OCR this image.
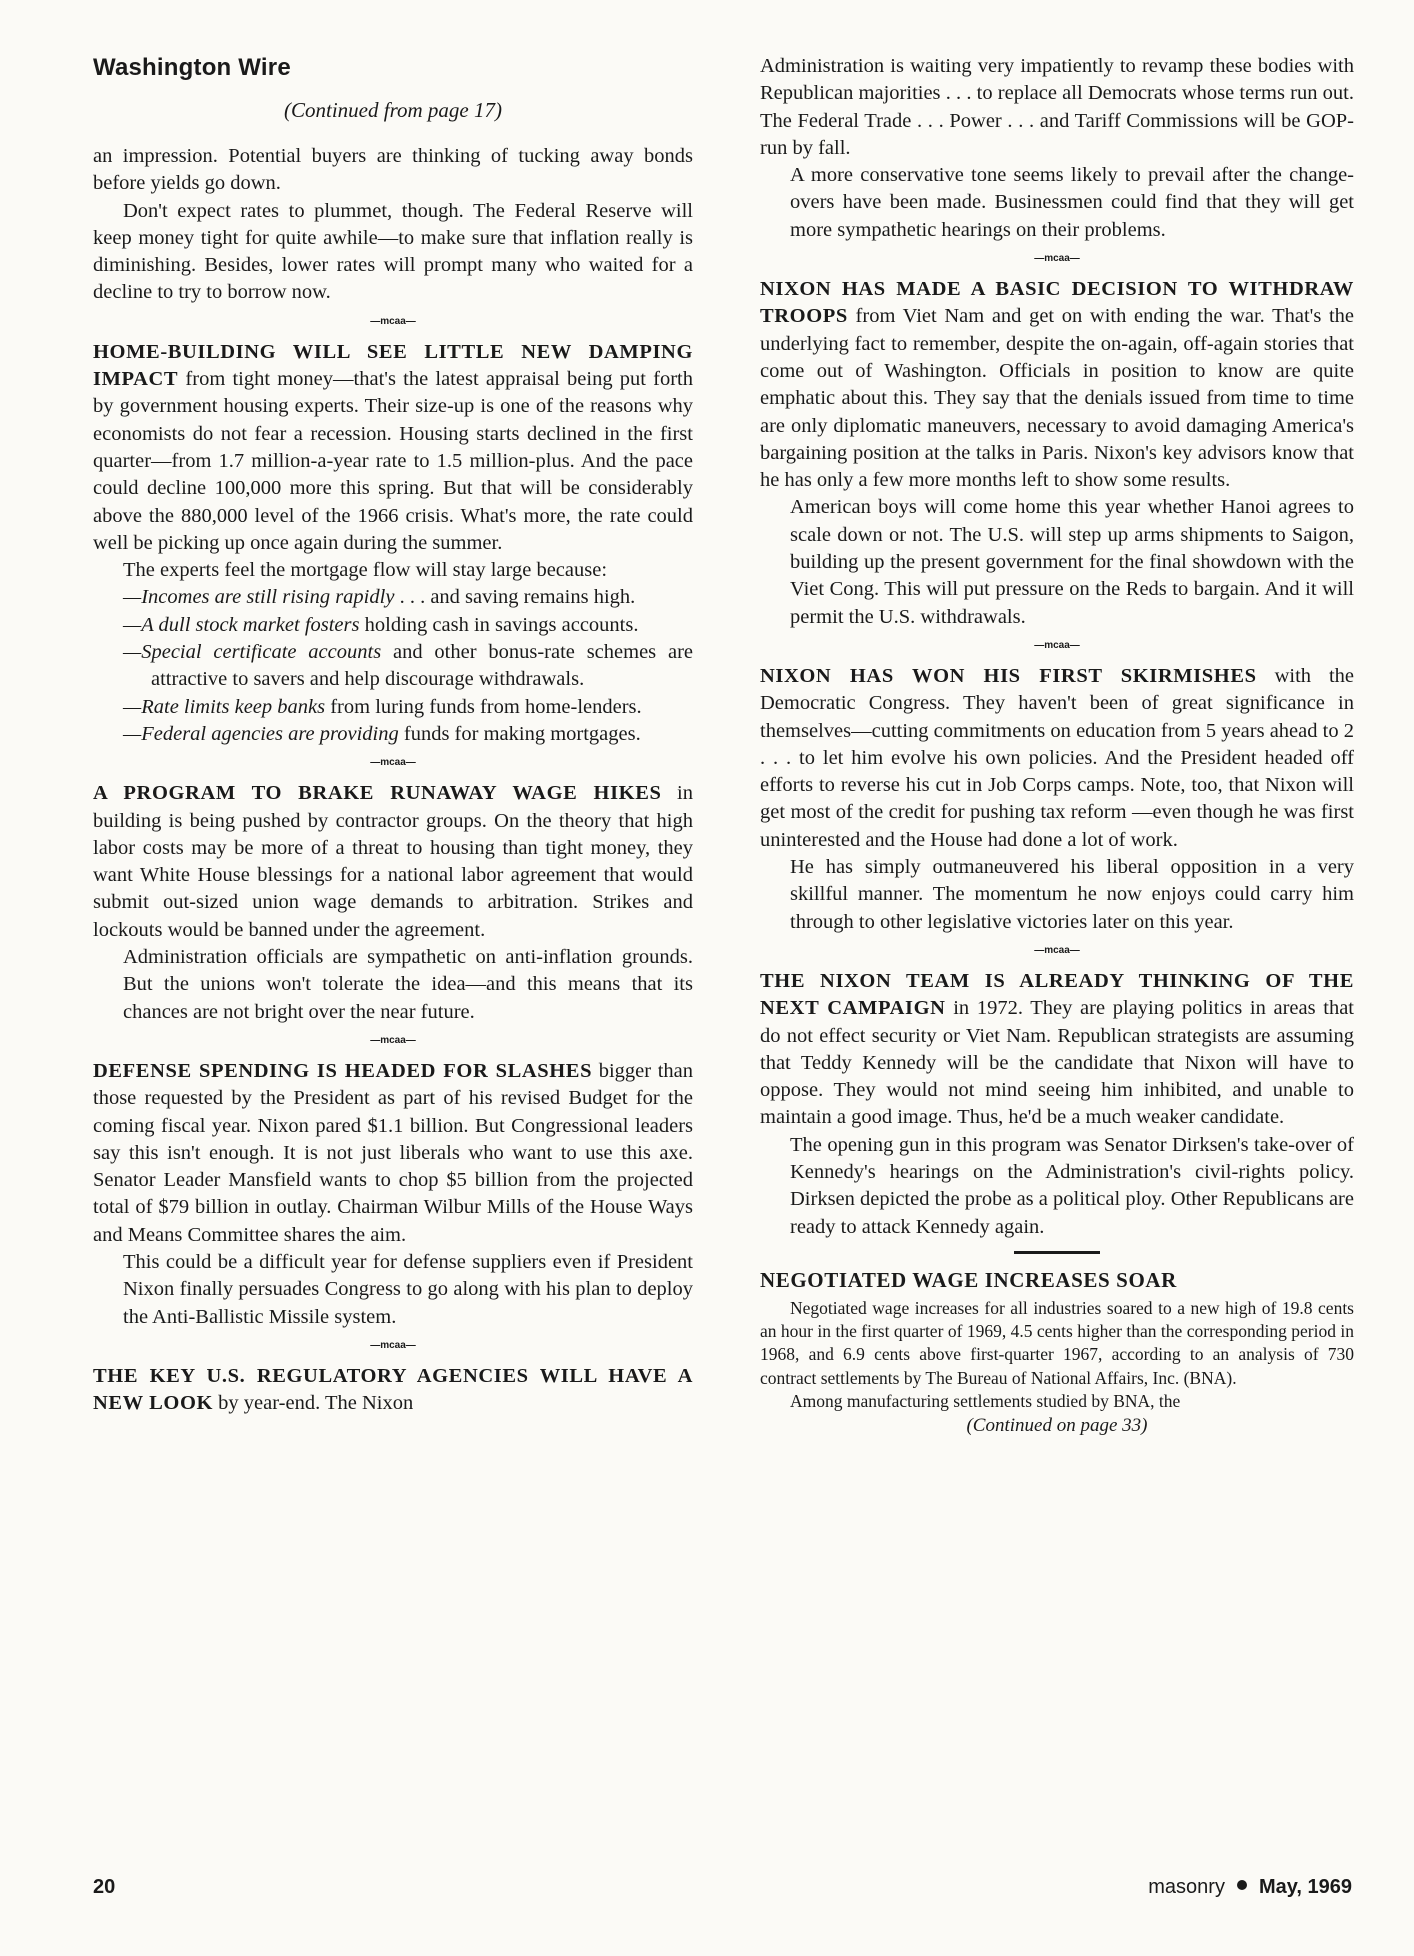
Washington Wire
(Continued from page 17)

an impression. Potential buyers are thinking of tucking away bonds before yields go down.

Don't expect rates to plummet, though. The Federal Reserve will keep money tight for quite awhile—to make sure that inflation really is diminishing. Besides, lower rates will prompt many who waited for a decline to try to borrow now.

—mcaa—

HOME-BUILDING WILL SEE LITTLE NEW DAMPING IMPACT from tight money—that's the latest appraisal being put forth by government housing experts. Their size-up is one of the reasons why economists do not fear a recession. Housing starts declined in the first quarter—from 1.7 million-a-year rate to 1.5 million-plus. And the pace could decline 100,000 more this spring. But that will be considerably above the 880,000 level of the 1966 crisis. What's more, the rate could well be picking up once again during the summer.

The experts feel the mortgage flow will stay large because:

—Incomes are still rising rapidly . . . and saving remains high.

—A dull stock market fosters holding cash in savings accounts.

—Special certificate accounts and other bonus-rate schemes are attractive to savers and help discourage withdrawals.

—Rate limits keep banks from luring funds from home-lenders.

—Federal agencies are providing funds for making mortgages.

—mcaa—

A PROGRAM TO BRAKE RUNAWAY WAGE HIKES in building is being pushed by contractor groups. On the theory that high labor costs may be more of a threat to housing than tight money, they want White House blessings for a national labor agreement that would submit out-sized union wage demands to arbitration. Strikes and lockouts would be banned under the agreement.

Administration officials are sympathetic on anti-inflation grounds. But the unions won't tolerate the idea—and this means that its chances are not bright over the near future.

—mcaa—

DEFENSE SPENDING IS HEADED FOR SLASHES bigger than those requested by the President as part of his revised Budget for the coming fiscal year. Nixon pared $1.1 billion. But Congressional leaders say this isn't enough. It is not just liberals who want to use this axe. Senator Leader Mansfield wants to chop $5 billion from the projected total of $79 billion in outlay. Chairman Wilbur Mills of the House Ways and Means Committee shares the aim.

This could be a difficult year for defense suppliers even if President Nixon finally persuades Congress to go along with his plan to deploy the Anti-Ballistic Missile system.

—mcaa—

THE KEY U.S. REGULATORY AGENCIES WILL HAVE A NEW LOOK by year-end. The Nixon

Administration is waiting very impatiently to revamp these bodies with Republican majorities . . . to replace all Democrats whose terms run out. The Federal Trade . . . Power . . . and Tariff Commissions will be GOP-run by fall.

A more conservative tone seems likely to prevail after the change-overs have been made. Businessmen could find that they will get more sympathetic hearings on their problems.

—mcaa—

NIXON HAS MADE A BASIC DECISION TO WITHDRAW TROOPS from Viet Nam and get on with ending the war. That's the underlying fact to remember, despite the on-again, off-again stories that come out of Washington. Officials in position to know are quite emphatic about this. They say that the denials issued from time to time are only diplomatic maneuvers, necessary to avoid damaging America's bargaining position at the talks in Paris. Nixon's key advisors know that he has only a few more months left to show some results.

American boys will come home this year whether Hanoi agrees to scale down or not. The U.S. will step up arms shipments to Saigon, building up the present government for the final showdown with the Viet Cong. This will put pressure on the Reds to bargain. And it will permit the U.S. withdrawals.

—mcaa—

NIXON HAS WON HIS FIRST SKIRMISHES with the Democratic Congress. They haven't been of great significance in themselves—cutting commitments on education from 5 years ahead to 2 . . . to let him evolve his own policies. And the President headed off efforts to reverse his cut in Job Corps camps. Note, too, that Nixon will get most of the credit for pushing tax reform —even though he was first uninterested and the House had done a lot of work.

He has simply outmaneuvered his liberal opposition in a very skillful manner. The momentum he now enjoys could carry him through to other legislative victories later on this year.

—mcaa—

THE NIXON TEAM IS ALREADY THINKING OF THE NEXT CAMPAIGN in 1972. They are playing politics in areas that do not effect security or Viet Nam. Republican strategists are assuming that Teddy Kennedy will be the candidate that Nixon will have to oppose. They would not mind seeing him inhibited, and unable to maintain a good image. Thus, he'd be a much weaker candidate.

The opening gun in this program was Senator Dirksen's take-over of Kennedy's hearings on the Administration's civil-rights policy. Dirksen depicted the probe as a political ploy. Other Republicans are ready to attack Kennedy again.

NEGOTIATED WAGE INCREASES SOAR

Negotiated wage increases for all industries soared to a new high of 19.8 cents an hour in the first quarter of 1969, 4.5 cents higher than the corresponding period in 1968, and 6.9 cents above first-quarter 1967, according to an analysis of 730 contract settlements by The Bureau of National Affairs, Inc. (BNA).

Among manufacturing settlements studied by BNA, the

(Continued on page 33)
20	masonry May, 1969
